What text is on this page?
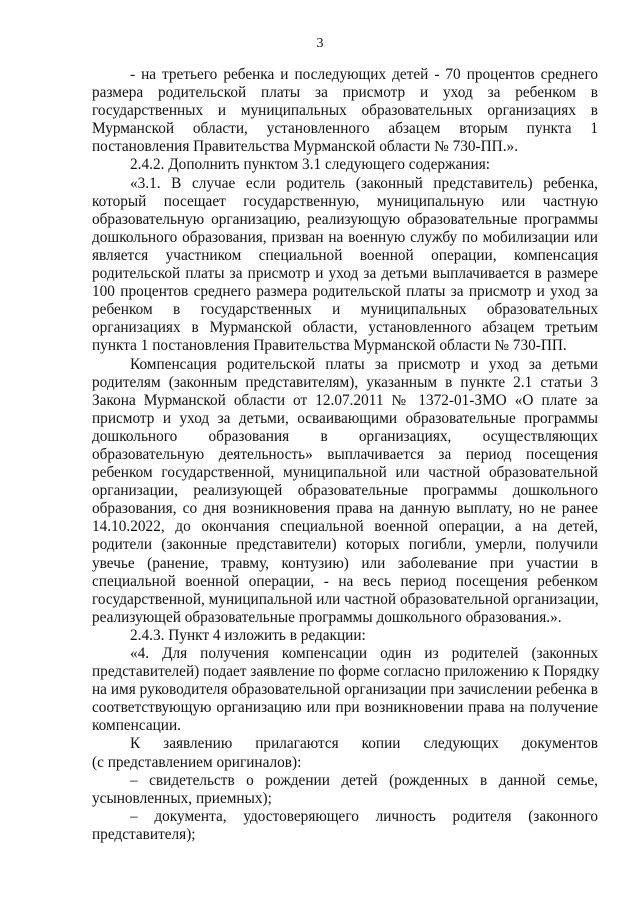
3
- на третьего ребенка и последующих детей - 70 процентов среднего
размера родительской платы за присмотр и уход за ребенком в
государственных и муниципальных образовательных организациях в
Мурманской области, установленного абзацем вторым пункта 1
постановления Правительства Мурманской области № 730-ПП.».
2.4.2. Дополнить пунктом 3.1 следующего содержания:
«3.1. В случае если родитель (законный представитель) ребенка,
который посещает государственную, муниципальную или частную
образовательную организацию, реализующую образовательные программы
дошкольного образования, призван на военную службу по мобилизации или
является участником специальной военной операции, компенсация
родительской платы за присмотр и уход за детьми выплачивается в размере
100 процентов среднего размера родительской платы за присмотр и уход за
ребенком в государственных и муниципальных образовательных
организациях в Мурманской области, установленного абзацем третьим
пункта 1 постановления Правительства Мурманской области № 730-ПП.
Компенсация родительской платы за присмотр и уход за детьми
родителям (законным представителям), указанным в пункте 2.1 статьи 3
Закона Мурманской области от 12.07.2011 № 1372-01-ЗМО «О плате за
присмотр и уход за детьми, осваивающими образовательные программы
дошкольного образования в организациях, осуществляющих
образовательную деятельность» выплачивается за период посещения
ребенком государственной, муниципальной или частной образовательной
организации, реализующей образовательные программы дошкольного
образования, со дня возникновения права на данную выплату, но не ранее
14.10.2022, до окончания специальной военной операции, а на детей,
родители (законные представители) которых погибли, умерли, получили
увечье (ранение, травму, контузию) или заболевание при участии в
специальной военной операции, - на весь период посещения ребенком
государственной, муниципальной или частной образовательной организации,
реализующей образовательные программы дошкольного образования.».
2.4.3. Пункт 4 изложить в редакции:
«4. Для получения компенсации один из родителей (законных
представителей) подает заявление по форме согласно приложению к Порядку
на имя руководителя образовательной организации при зачислении ребенка в
соответствующую организацию или при возникновении права на получение
компенсации.
К заявлению прилагаются копии следующих документов
(с представлением оригиналов):
– свидетельств о рождении детей (рожденных в данной семье,
усыновленных, приемных);
– документа, удостоверяющего личность родителя (законного
представителя);
